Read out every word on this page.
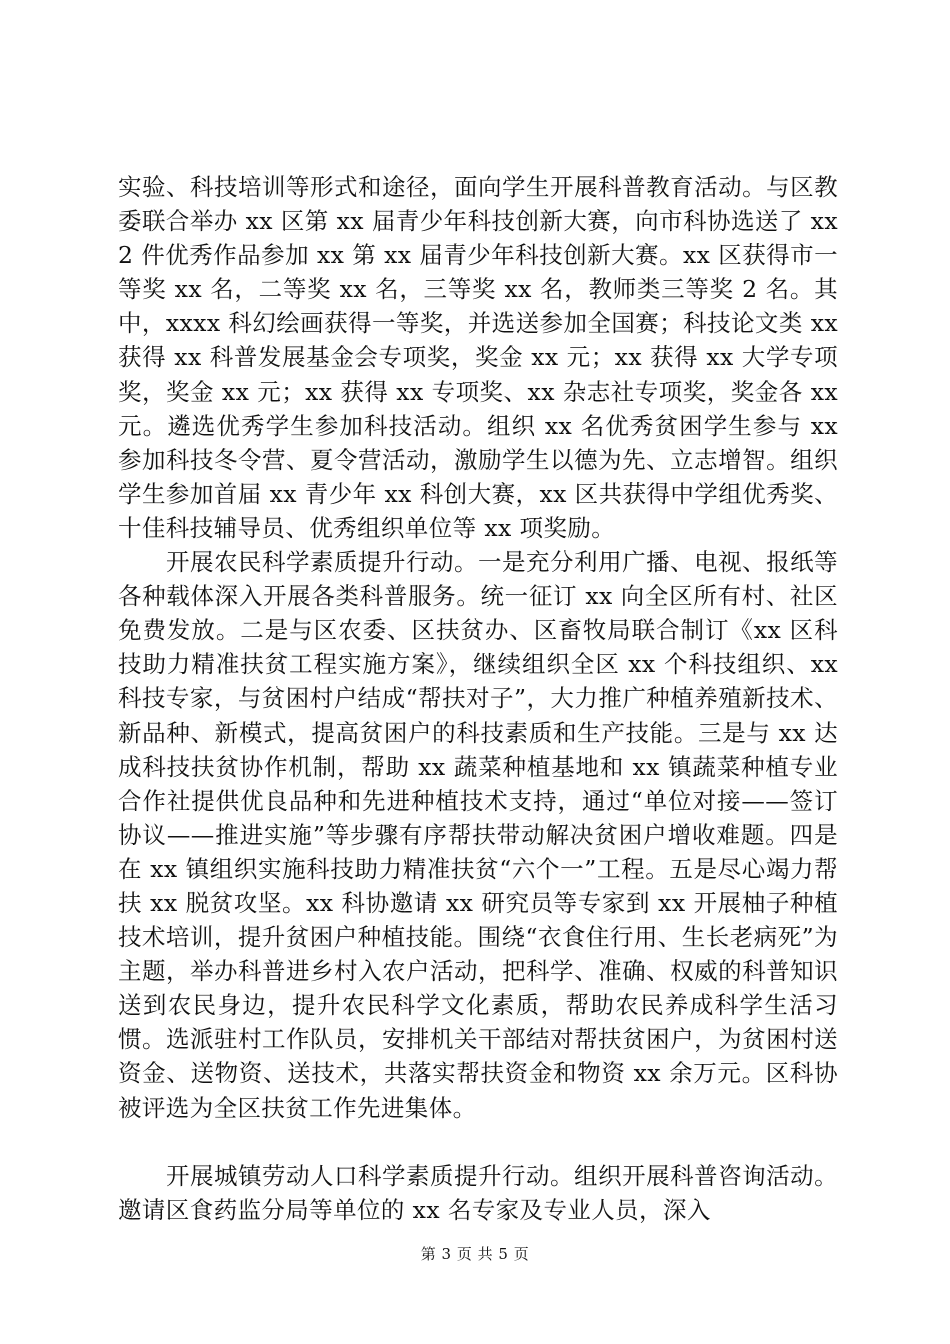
实验、科技培训等形式和途径，面向学生开展科普教育活动。与区教委联合举办 xx 区第 xx 届青少年科技创新大赛，向市科协选送了 xx2 件优秀作品参加 xx 第 xx 届青少年科技创新大赛。xx 区获得市一等奖 xx 名，二等奖 xx 名，三等奖 xx 名，教师类三等奖 2 名。其中，xxxx 科幻绘画获得一等奖，并选送参加全国赛；科技论文类 xx 获得 xx 科普发展基金会专项奖，奖金 xx 元；xx 获得 xx 大学专项奖，奖金 xx 元；xx 获得 xx 专项奖、xx 杂志社专项奖，奖金各 xx 元。遴选优秀学生参加科技活动。组织 xx 名优秀贫困学生参与 xx 参加科技冬令营、夏令营活动，激励学生以德为先、立志增智。组织学生参加首届 xx 青少年 xx 科创大赛，xx 区共获得中学组优秀奖、十佳科技辅导员、优秀组织单位等 xx 项奖励。

开展农民科学素质提升行动。一是充分利用广播、电视、报纸等各种载体深入开展各类科普服务。统一征订 xx 向全区所有村、社区免费发放。二是与区农委、区扶贫办、区畜牧局联合制订《xx 区科技助力精准扶贫工程实施方案》，继续组织全区 xx 个科技组织、xx 科技专家，与贫困村户结成“帮扶对子”，大力推广种植养殖新技术、新品种、新模式，提高贫困户的科技素质和生产技能。三是与 xx 达成科技扶贫协作机制，帮助 xx 蔬菜种植基地和 xx 镇蔬菜种植专业合作社提供优良品种和先进种植技术支持，通过“单位对接——签订协议——推进实施”等步骤有序帮扶带动解决贫困户增收难题。四是在 xx 镇组织实施科技助力精准扶贫“六个一”工程。五是尽心竭力帮扶 xx 脱贫攻坚。xx 科协邀请 xx 研究员等专家到 xx 开展柚子种植技术培训，提升贫困户种植技能。围绕“衣食住行用、生长老病死”为主题，举办科普进乡村入农户活动，把科学、准确、权威的科普知识送到农民身边，提升农民科学文化素质，帮助农民养成科学生活习惯。选派驻村工作队员，安排机关干部结对帮扶贫困户，为贫困村送资金、送物资、送技术，共落实帮扶资金和物资 xx 余万元。区科协被评选为全区扶贫工作先进集体。

开展城镇劳动人口科学素质提升行动。组织开展科普咨询活动。邀请区食药监分局等单位的 xx 名专家及专业人员，深入

第 3 页 共 5 页
